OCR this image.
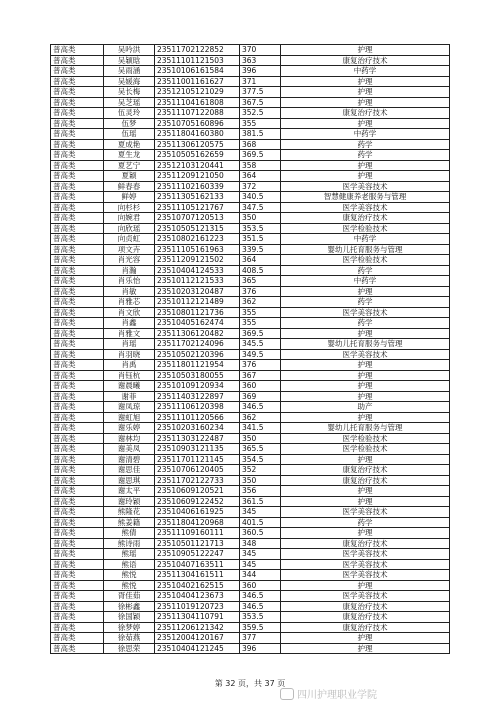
普高类	吴吟洪	23511702122852	370	护理
普高类	吴颖晗	23511101121503	363	康复治疗技术
普高类	吴雨涵	23510106161584	396	中药学
普高类	吴媛海	23511001161627	371	护理
普高类	吴长梅	23512105121029	377.5	护理
普高类	吴芝瑶	23511104161808	367.5	护理
普高类	伍灵玲	23511107122088	352.5	康复治疗技术
普高类	伍梦	23510705160896	355	护理
普高类	伍瑶	23511804160380	381.5	中药学
普高类	夏成艳	23511306120575	368	药学
普高类	夏生龙	23510505162659	369.5	药学
普高类	夏艺宁	23512103120441	358	护理
普高类	夏颖	23511209121050	364	护理
普高类	鲜春春	23511102160339	372	医学美容技术
普高类	鲜婷	23511305162133	340.5	智慧健康养老服务与管理
普高类	向杉杉	23511105121767	347.5	医学美容技术
普高类	向婉君	23510707120513	350	康复治疗技术
普高类	向欣瑶	23510505121315	353.5	医学检验技术
普高类	向贞虹	23510802161223	351.5	中药学
普高类	项文卉	23511105161963	339.5	婴幼儿托育服务与管理
普高类	肖光容	23511209121502	364	医学检验技术
普高类	肖瀚	23510404124533	408.5	药学
普高类	肖乐怡	23510112121533	365	中药学
普高类	肖敏	23510203120487	376	护理
普高类	肖雅芯	23510112121489	362	药学
普高类	肖文欣	23510801121736	355	医学美容技术
普高类	肖鑫	23510405162474	355	药学
普高类	肖雅文	23511306120482	369.5	护理
普高类	肖瑶	23511702124096	345.5	婴幼儿托育服务与管理
普高类	肖羽晓	23510502120396	349.5	医学美容技术
普高类	肖禹	23511801121954	376	护理
普高类	肖钰杭	23510503180055	367	护理
普高类	谢晨曦	23510109120934	360	护理
普高类	谢菲	23511403122897	369	护理
普高类	谢凤琼	23511106120398	346.5	助产
普高类	谢虹旭	23511101120566	362	护理
普高类	谢乐婷	23510203160234	341.5	婴幼儿托育服务与管理
普高类	谢林均	23511303122487	350	医学检验技术
普高类	谢美凤	23510903121135	365.5	医学检验技术
普高类	谢清碧	23511701121145	354.5	护理
普高类	谢思佳	23510706120405	352	康复治疗技术
普高类	谢思琪	23511702122733	350	康复治疗技术
普高类	谢太平	23510609120521	356	护理
普高类	谢玲颖	23510609122452	361.5	护理
普高类	熊隆花	23510406161925	345	医学美容技术
普高类	熊姜籍	23511804120968	401.5	药学
普高类	熊倩	23511109160111	360.5	护理
普高类	熊诗雨	23510501121713	348	康复治疗技术
普高类	熊瑶	23510905122247	345	医学美容技术
普高类	熊语	23510407163511	345	医学美容技术
普高类	熊悦	23511304161511	344	医学美容技术
普高类	熊悦	23510402162515	360	护理
普高类	胥佳茹	23510404123673	346.5	医学美容技术
普高类	徐彬鑫	23511019120723	346.5	康复治疗技术
普高类	徐国颖	23511304110791	353.5	康复治疗技术
普高类	徐梦婷	23511206121342	359.5	康复治疗技术
普高类	徐茹燕	23512004120167	377	护理
普高类	徐思荣	23510404121245	396	护理
第 32 页，共 37 页
四川护理职业学院
